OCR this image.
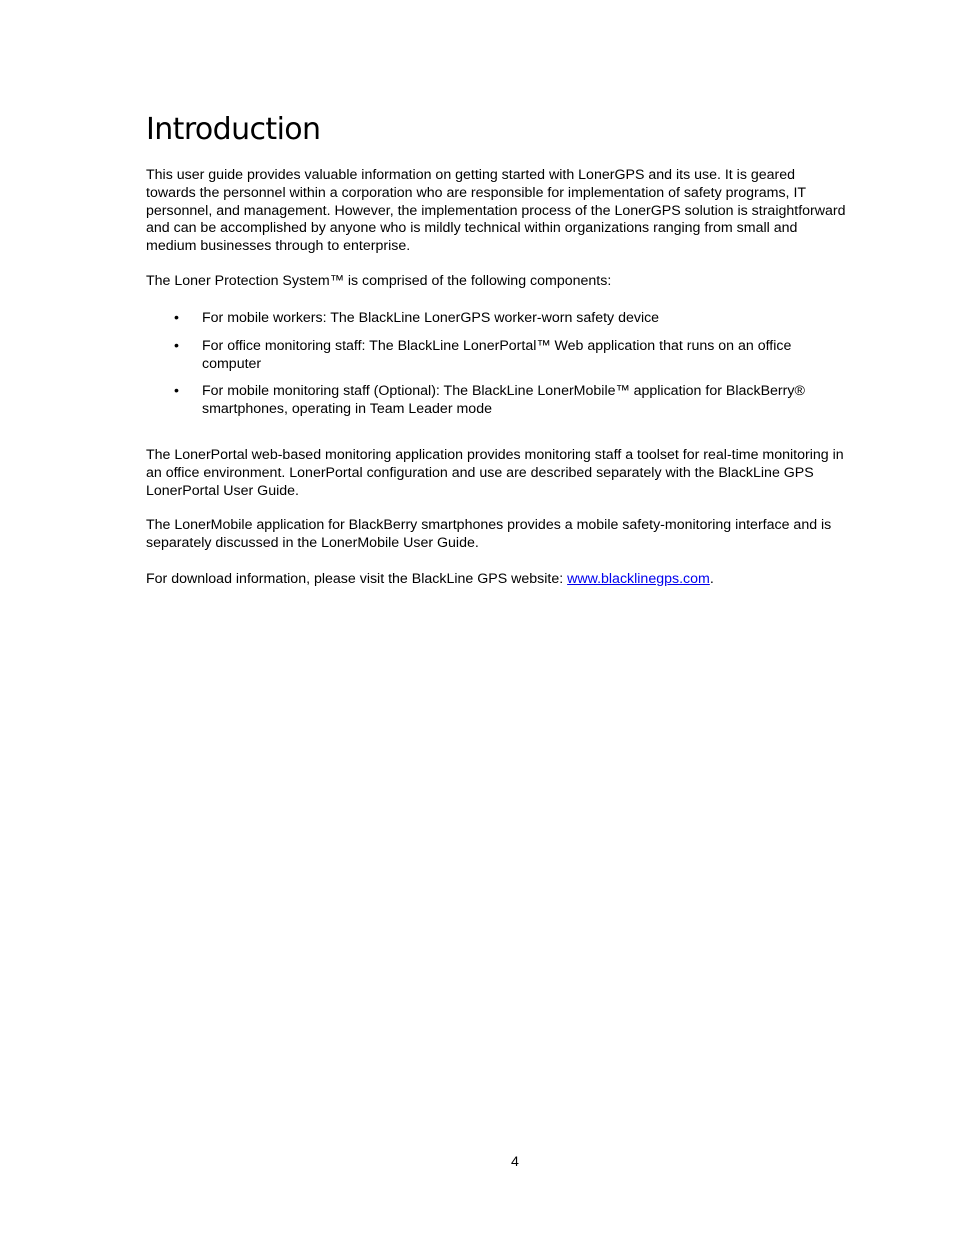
Introduction

This user guide provides valuable information on getting started with LonerGPS and its use. It is geared towards the personnel within a corporation who are responsible for implementation of safety programs, IT personnel, and management. However, the implementation process of the LonerGPS solution is straightforward and can be accomplished by anyone who is mildly technical within organizations ranging from small and medium businesses through to enterprise.

The Loner Protection System™ is comprised of the following components:

• For mobile workers: The BlackLine LonerGPS worker-worn safety device
• For office monitoring staff: The BlackLine LonerPortal™ Web application that runs on an office computer
• For mobile monitoring staff (Optional): The BlackLine LonerMobile™ application for BlackBerry® smartphones, operating in Team Leader mode

The LonerPortal web-based monitoring application provides monitoring staff a toolset for real-time monitoring in an office environment. LonerPortal configuration and use are described separately with the BlackLine GPS LonerPortal User Guide.

The LonerMobile application for BlackBerry smartphones provides a mobile safety-monitoring interface and is separately discussed in the LonerMobile User Guide.

For download information, please visit the BlackLine GPS website: www.blacklinegps.com.

4
